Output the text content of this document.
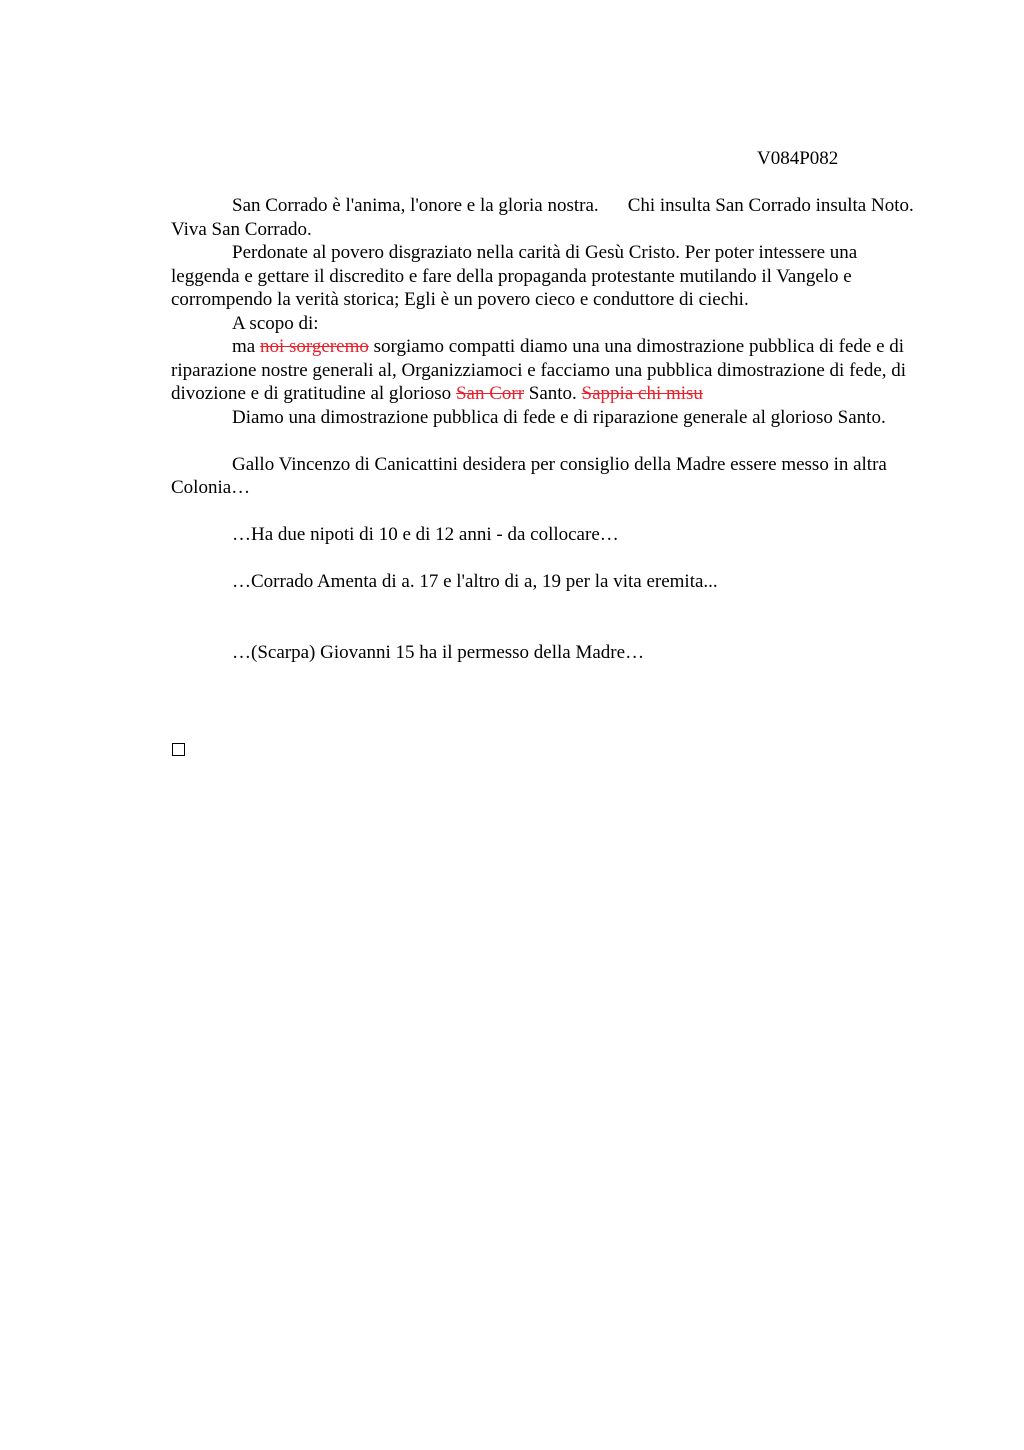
V084P082

San Corrado è l'anima, l'onore e la gloria nostra. Chi insulta San Corrado insulta Noto. Viva San Corrado.

Perdonate al povero disgraziato nella carità di Gesù Cristo. Per poter intessere una leggenda e gettare il discredito e fare della propaganda protestante mutilando il Vangelo e corrompendo la verità storica; Egli è un povero cieco e conduttore di ciechi.

A scopo di:

ma noi sorgeremo sorgiamo compatti diamo una una dimostrazione pubblica di fede e di riparazione nostre generali al, Organizziamoci e facciamo una pubblica dimostrazione di fede, di divozione e di gratitudine al glorioso San Corr Santo. Sappia chi misu

Diamo una dimostrazione pubblica di fede e di riparazione generale al glorioso Santo.

Gallo Vincenzo di Canicattini desidera per consiglio della Madre essere messo in altra Colonia…

…Ha due nipoti di 10 e di 12 anni - da collocare…

…Corrado Amenta di a. 17 e l'altro di a, 19 per la vita eremita...

…(Scarpa) Giovanni 15 ha il permesso della Madre…
